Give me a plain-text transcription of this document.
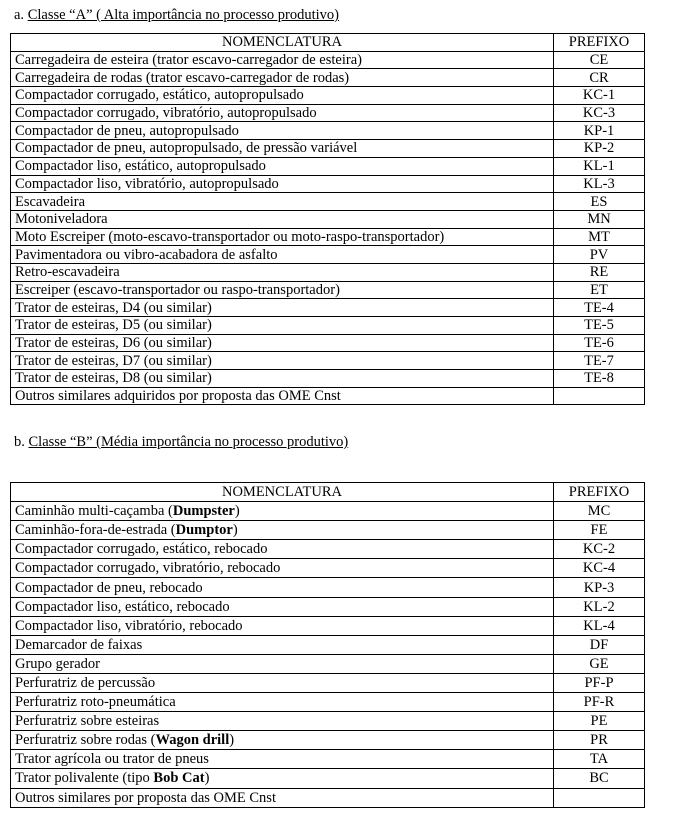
a. Classe “A” ( Alta importância no processo produtivo)
NOMENCLATURA	PREFIXO
Carregadeira de esteira (trator escavo-carregador de esteira)	CE
Carregadeira de rodas (trator escavo-carregador de rodas)	CR
Compactador corrugado, estático, autopropulsado	KC-1
Compactador corrugado, vibratório, autopropulsado	KC-3
Compactador de pneu, autopropulsado	KP-1
Compactador de pneu, autopropulsado, de pressão variável	KP-2
Compactador liso, estático, autopropulsado	KL-1
Compactador liso, vibratório, autopropulsado	KL-3
Escavadeira	ES
Motoniveladora	MN
Moto Escreiper (moto-escavo-transportador ou moto-raspo-transportador)	MT
Pavimentadora ou vibro-acabadora de asfalto	PV
Retro-escavadeira	RE
Escreiper (escavo-transportador ou raspo-transportador)	ET
Trator de esteiras, D4 (ou similar)	TE-4
Trator de esteiras, D5 (ou similar)	TE-5
Trator de esteiras, D6 (ou similar)	TE-6
Trator de esteiras, D7 (ou similar)	TE-7
Trator de esteiras, D8 (ou similar)	TE-8
Outros similares adquiridos por proposta das OME Cnst	
b. Classe “B” (Média importância no processo produtivo)
NOMENCLATURA	PREFIXO
Caminhão multi-caçamba (Dumpster)	MC
Caminhão-fora-de-estrada (Dumptor)	FE
Compactador corrugado, estático, rebocado	KC-2
Compactador corrugado, vibratório, rebocado	KC-4
Compactador de pneu, rebocado	KP-3
Compactador liso, estático, rebocado	KL-2
Compactador liso, vibratório, rebocado	KL-4
Demarcador de faixas	DF
Grupo gerador	GE
Perfuratriz de percussão	PF-P
Perfuratriz roto-pneumática	PF-R
Perfuratriz sobre esteiras	PE
Perfuratriz sobre rodas (Wagon drill)	PR
Trator agrícola ou trator de pneus	TA
Trator polivalente (tipo Bob Cat)	BC
Outros similares por proposta das OME Cnst	
